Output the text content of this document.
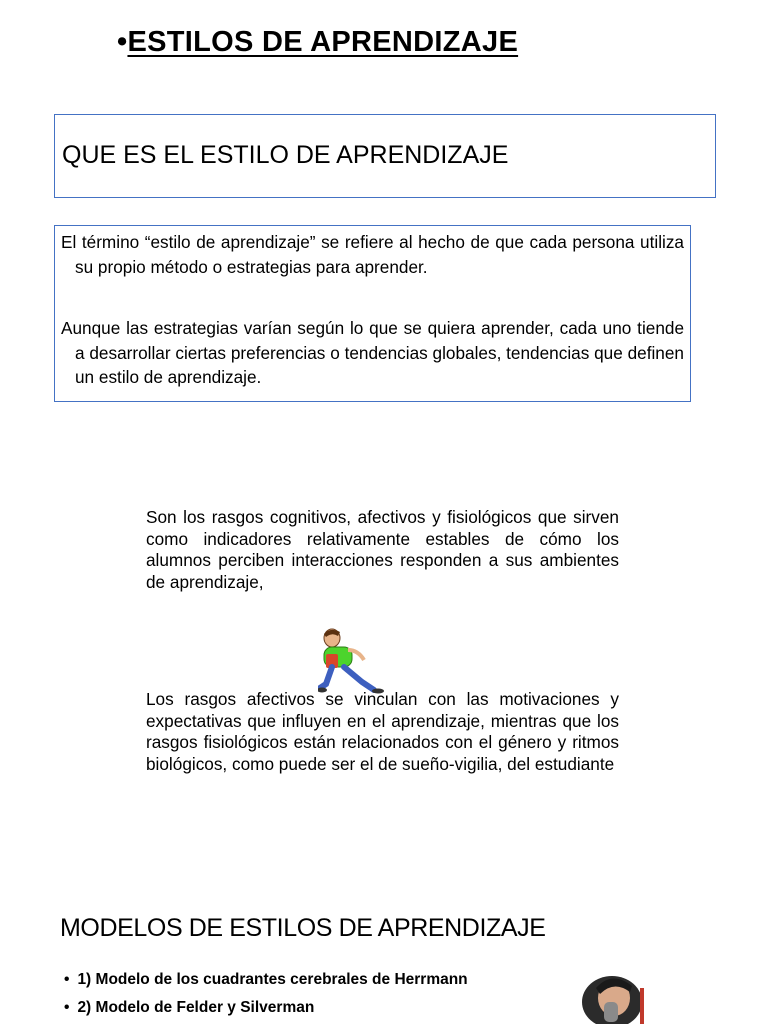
•ESTILOS DE APRENDIZAJE
QUE ES EL ESTILO DE APRENDIZAJE
El término “estilo de aprendizaje” se refiere al hecho de que cada persona utiliza su propio método o estrategias para aprender.
Aunque las estrategias varían según lo que se quiera aprender, cada uno tiende a desarrollar ciertas preferencias o tendencias globales, tendencias que definen un estilo de aprendizaje.
Son los rasgos cognitivos, afectivos y fisiológicos que sirven como indicadores relativamente estables de cómo los alumnos perciben interacciones responden a sus ambientes de aprendizaje,
Los rasgos afectivos se vinculan con las motivaciones y expectativas que influyen en el aprendizaje, mientras que los rasgos fisiológicos están relacionados con el género y ritmos biológicos, como puede ser el de sueño-vigilia, del estudiante
MODELOS DE ESTILOS DE APRENDIZAJE
• 1) Modelo de los cuadrantes cerebrales de Herrmann
• 2) Modelo de Felder y Silverman
